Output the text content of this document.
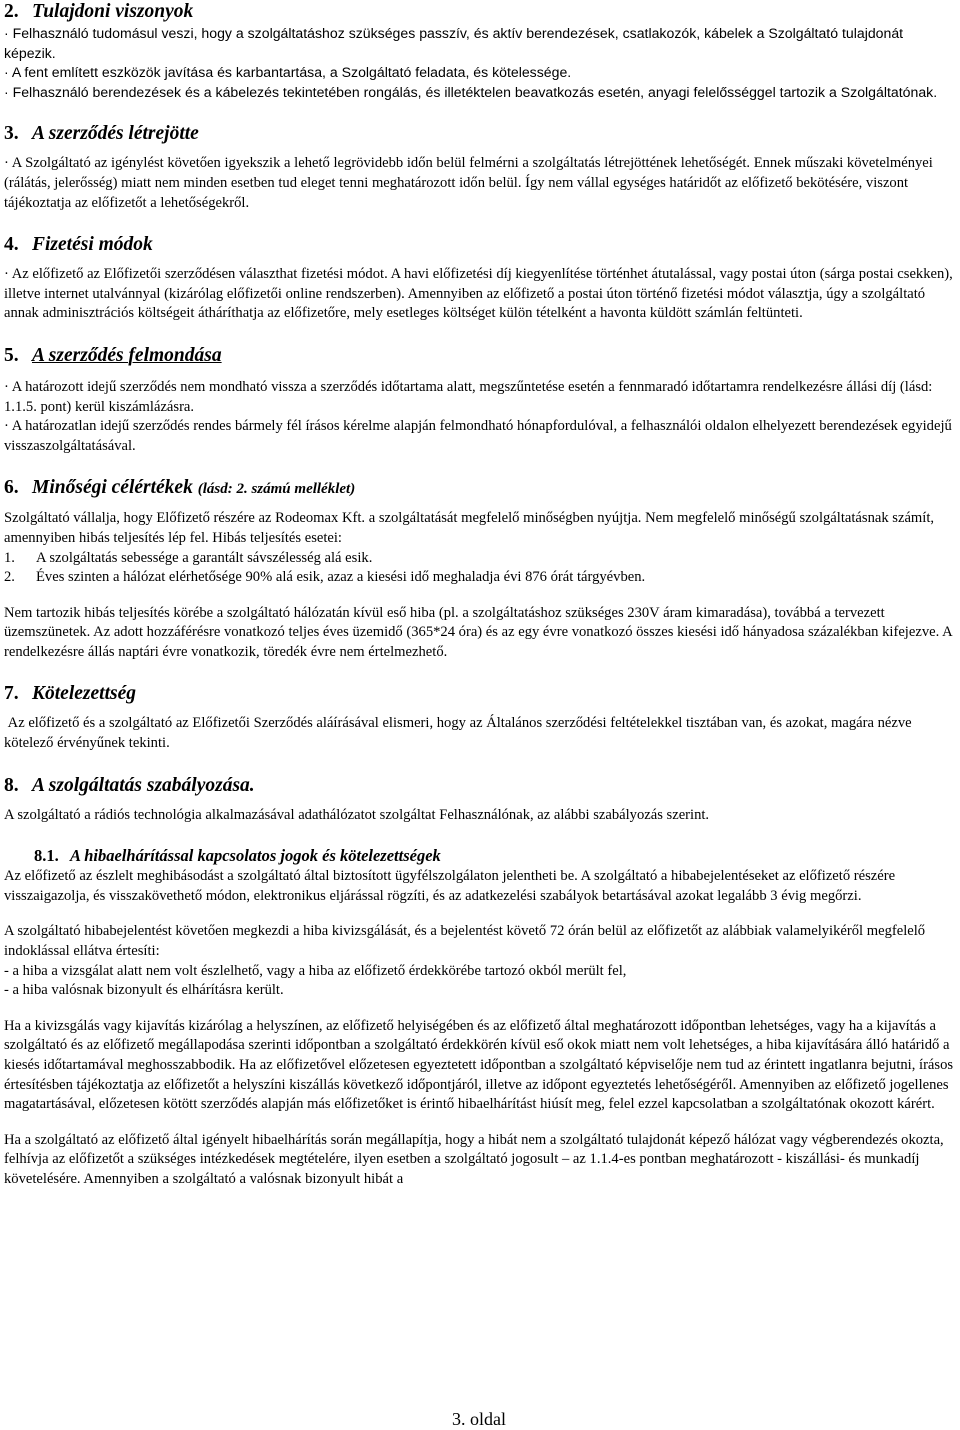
2. Tulajdoni viszonyok

· Felhasználó tudomásul veszi, hogy a szolgáltatáshoz szükséges passzív, és aktív berendezések, csatlakozók, kábelek a Szolgáltató tulajdonát képezik.

· A fent említett eszközök javítása és karbantartása, a Szolgáltató feladata, és kötelessége.

· Felhasználó berendezések és a kábelezés tekintetében rongálás, és illetéktelen beavatkozás esetén, anyagi felelősséggel tartozik a Szolgáltatónak.

3. A szerződés létrejötte

· A Szolgáltató az igénylést követően igyekszik a lehető legrövidebb időn belül felmérni a szolgáltatás létrejöttének lehetőségét. Ennek műszaki követelményei (rálátás, jelerősség) miatt nem minden esetben tud eleget tenni meghatározott időn belül. Így nem vállal egységes határidőt az előfizető bekötésére, viszont tájékoztatja az előfizetőt a lehetőségekről.

4. Fizetési módok

· Az előfizető az Előfizetői szerződésen választhat fizetési módot. A havi előfizetési díj kiegyenlítése történhet átutalással, vagy postai úton (sárga postai csekken), illetve internet utalvánnyal (kizárólag előfizetői online rendszerben). Amennyiben az előfizető a postai úton történő fizetési módot választja, úgy a szolgáltató annak adminisztrációs költségeit átháríthatja az előfizetőre, mely esetleges költséget külön tételként a havonta küldött számlán feltünteti.

5. A szerződés felmondása

· A határozott idejű szerződés nem mondható vissza a szerződés időtartama alatt, megszűntetése esetén a fennmaradó időtartamra rendelkezésre állási díj (lásd: 1.1.5. pont) kerül kiszámlázásra.

· A határozatlan idejű szerződés rendes bármely fél írásos kérelme alapján felmondható hónapfordulóval, a felhasználói oldalon elhelyezett berendezések egyidejű visszaszolgáltatásával.

6. Minőségi célértékek (lásd: 2. számú melléklet)

Szolgáltató vállalja, hogy Előfizető részére az Rodeomax Kft. a szolgáltatását megfelelő minőségben nyújtja. Nem megfelelő minőségű szolgáltatásnak számít, amennyiben hibás teljesítés lép fel. Hibás teljesítés esetei:

1.	A szolgáltatás sebessége a garantált sávszélesség alá esik.
2.	Éves szinten a hálózat elérhetősége 90% alá esik, azaz a kiesési idő meghaladja évi 876 órát tárgyévben.

Nem tartozik hibás teljesítés körébe a szolgáltató hálózatán kívül eső hiba (pl. a szolgáltatáshoz szükséges 230V áram kimaradása), továbbá a tervezett üzemszünetek. Az adott hozzáférésre vonatkozó teljes éves üzemidő (365*24 óra) és az egy évre vonatkozó összes kiesési idő hányadosa százalékban kifejezve. A rendelkezésre állás naptári évre vonatkozik, töredék évre nem értelmezhető.

7. Kötelezettség

Az előfizető és a szolgáltató az Előfizetői Szerződés aláírásával elismeri, hogy az Általános szerződési feltételekkel tisztában van, és azokat, magára nézve kötelező érvényűnek tekinti.

8. A szolgáltatás szabályozása.

A szolgáltató a rádiós technológia alkalmazásával adathálózatot szolgáltat Felhasználónak, az alábbi szabályozás szerint.

8.1. A hibaelhárítással kapcsolatos jogok és kötelezettségek

Az előfizető az észlelt meghibásodást a szolgáltató által biztosított ügyfélszolgálaton jelentheti be. A szolgáltató a hibabejelentéseket az előfizető részére visszaigazolja, és visszakövethető módon, elektronikus eljárással rögzíti, és az adatkezelési szabályok betartásával azokat legalább 3 évig megőrzi.

A szolgáltató hibabejelentést követően megkezdi a hiba kivizsgálását, és a bejelentést követő 72 órán belül az előfizetőt az alábbiak valamelyikéről megfelelő indoklással ellátva értesíti:

- a hiba a vizsgálat alatt nem volt észlelhető, vagy a hiba az előfizető érdekkörébe tartozó okból merült fel,

- a hiba valósnak bizonyult és elhárításra került.

Ha a kivizsgálás vagy kijavítás kizárólag a helyszínen, az előfizető helyiségében és az előfizető által meghatározott időpontban lehetséges, vagy ha a kijavítás a szolgáltató és az előfizető megállapodása szerinti időpontban a szolgáltató érdekkörén kívül eső okok miatt nem volt lehetséges, a hiba kijavítására álló határidő a kiesés időtartamával meghosszabbodik. Ha az előfizetővel előzetesen egyeztetett időpontban a szolgáltató képviselője nem tud az érintett ingatlanra bejutni, írásos értesítésben tájékoztatja az előfizetőt a helyszíni kiszállás következő időpontjáról, illetve az időpont egyeztetés lehetőségéről. Amennyiben az előfizető jogellenes magatartásával, előzetesen kötött szerződés alapján más előfizetőket is érintő hibaelhárítást hiúsít meg, felel ezzel kapcsolatban a szolgáltatónak okozott kárért.

Ha a szolgáltató az előfizető által igényelt hibaelhárítás során megállapítja, hogy a hibát nem a szolgáltató tulajdonát képező hálózat vagy végberendezés okozta, felhívja az előfizetőt a szükséges intézkedések megtételére, ilyen esetben a szolgáltató jogosult – az 1.1.4-es pontban meghatározott - kiszállási- és munkadíj követelésére. Amennyiben a szolgáltató a valósnak bizonyult hibát a

3. oldal
